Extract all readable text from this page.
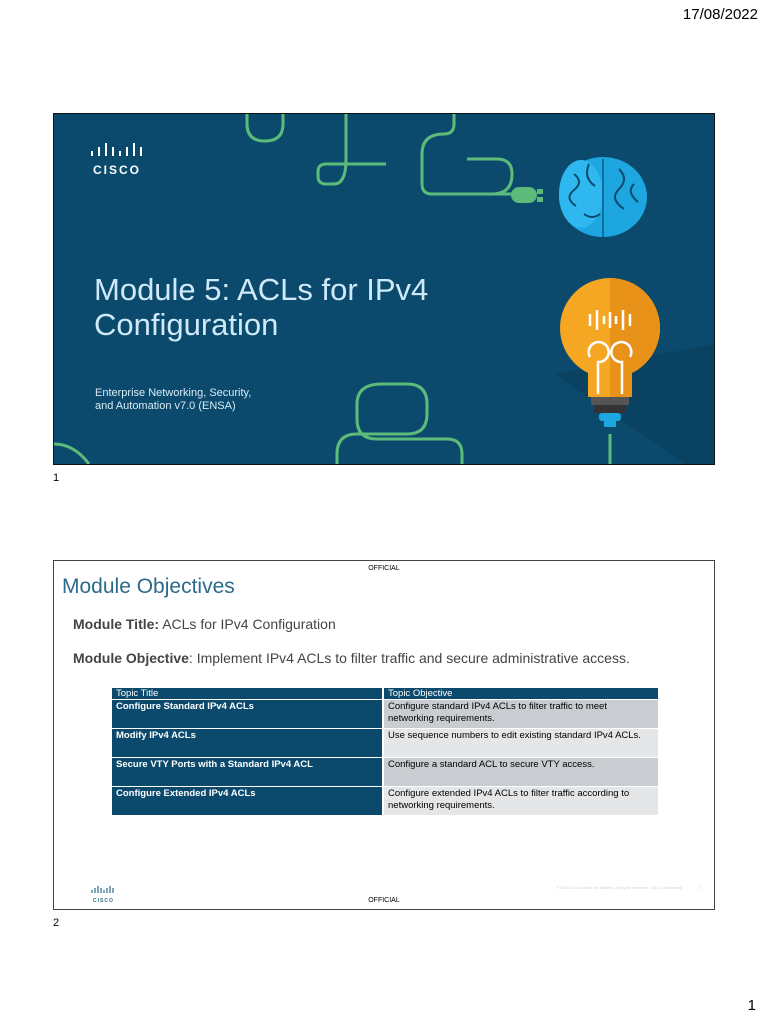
17/08/2022
CISCO
Module 5: ACLs for IPv4
Configuration
Enterprise Networking, Security,
and Automation v7.0 (ENSA)
1
OFFICIAL
Module Objectives
Module Title: ACLs for IPv4 Configuration
Module Objective: Implement IPv4 ACLs to filter traffic and secure administrative access.
Topic Title	Topic Objective
Configure Standard IPv4 ACLs	Configure standard IPv4 ACLs to filter traffic to meet networking requirements.
Modify IPv4 ACLs	Use sequence numbers to edit existing standard IPv4 ACLs.
Secure VTY Ports with a Standard IPv4 ACL	Configure a standard ACL to secure VTY access.
Configure Extended IPv4 ACLs	Configure extended IPv4 ACLs to filter traffic according to networking requirements.
CISCO
© 2016 Cisco and/or its affiliates. All rights reserved. Cisco Confidential	2
OFFICIAL
2
1
